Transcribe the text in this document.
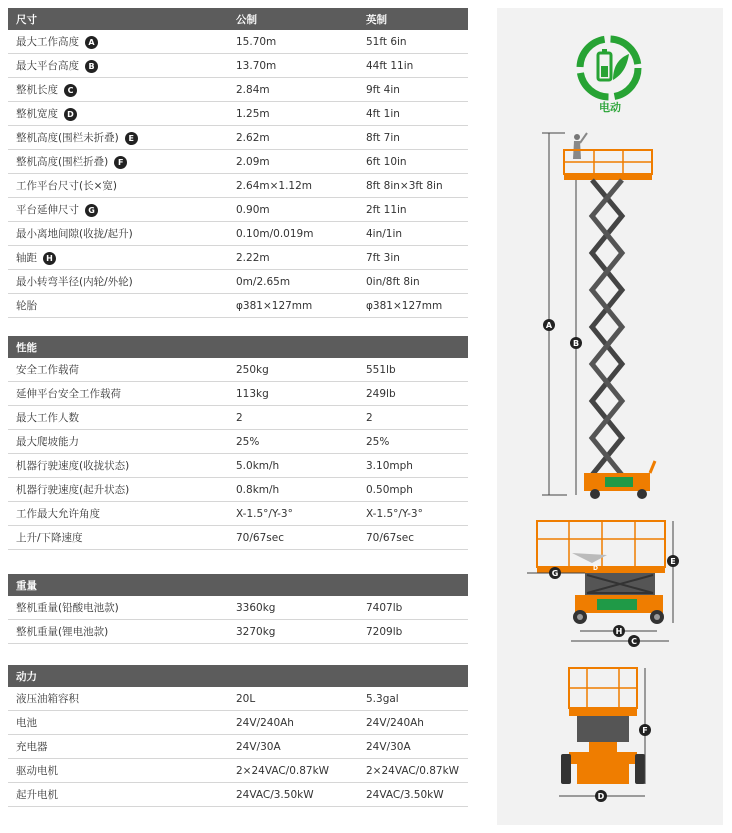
尺寸	公制	英制
最大工作高度 A	15.70m	51ft 6in
最大平台高度 B	13.70m	44ft 11in
整机长度 C	2.84m	9ft 4in
整机宽度 D	1.25m	4ft 1in
整机高度(围栏未折叠) E	2.62m	8ft 7in
整机高度(围栏折叠) F	2.09m	6ft 10in
工作平台尺寸(长×宽)	2.64m×1.12m	8ft 8in×3ft 8in
平台延伸尺寸 G	0.90m	2ft 11in
最小离地间隙(收拢/起升)	0.10m/0.019m	4in/1in
轴距 H	2.22m	7ft 3in
最小转弯半径(内轮/外轮)	0m/2.65m	0in/8ft 8in
轮胎	φ381×127mm	φ381×127mm
性能		
安全工作载荷	250kg	551lb
延伸平台安全工作载荷	113kg	249lb
最大工作人数	2	2
最大爬坡能力	25%	25%
机器行驶速度(收拢状态)	5.0km/h	3.10mph
机器行驶速度(起升状态)	0.8km/h	0.50mph
工作最大允许角度	X-1.5°/Y-3°	X-1.5°/Y-3°
上升/下降速度	70/67sec	70/67sec
重量		
整机重量(铅酸电池款)	3360kg	7407lb
整机重量(锂电池款)	3270kg	7209lb
动力		
液压油箱容积	20L	5.3gal
电池	24V/240Ah	24V/240Ah
充电器	24V/30A	24V/30A
驱动电机	2×24VAC/0.87kW	2×24VAC/0.87kW
起升电机	24VAC/3.50kW	24VAC/3.50kW
电动
A
B
D
G
E
H
C
F
D
